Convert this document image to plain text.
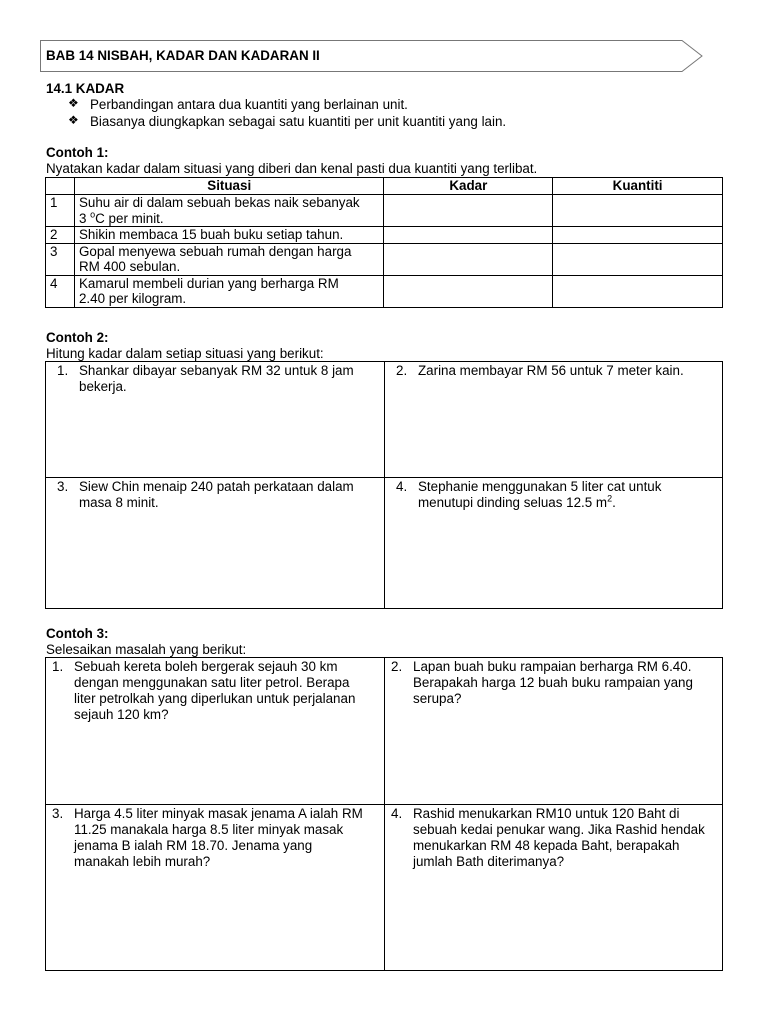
BAB 14 NISBAH, KADAR DAN KADARAN II
14.1 KADAR
❖ Perbandingan antara dua kuantiti yang berlainan unit.
❖ Biasanya diungkapkan sebagai satu kuantiti per unit kuantiti yang lain.
Contoh 1:
Nyatakan kadar dalam situasi yang diberi dan kenal pasti dua kuantiti yang terlibat.
	Situasi	Kadar	Kuantiti
1	Suhu air di dalam sebuah bekas naik sebanyak
3 $^o$C per minit.		
2	Shikin membaca 15 buah buku setiap tahun.		
3	Gopal menyewa sebuah rumah dengan harga
RM 400 sebulan.		
4	Kamarul membeli durian yang berharga RM
2.40 per kilogram.		
Contoh 2:
Hitung kadar dalam setiap situasi yang berikut:
1. Shankar dibayar sebanyak RM 32 untuk 8 jam
bekerja.
2. Zarina membayar RM 56 untuk 7 meter kain.
3. Siew Chin menaip 240 patah perkataan dalam
masa 8 minit.
4. Stephanie menggunakan 5 liter cat untuk
menutupi dinding seluas 12.5 $m^2$.
Contoh 3:
Selesaikan masalah yang berikut:
1. Sebuah kereta boleh bergerak sejauh 30 km
dengan menggunakan satu liter petrol. Berapa
liter petrolkah yang diperlukan untuk perjalanan
sejauh 120 km?
2. Lapan buah buku rampaian berharga RM 6.40.
Berapakah harga 12 buah buku rampaian yang
serupa?
3. Harga 4.5 liter minyak masak jenama A ialah RM
11.25 manakala harga 8.5 liter minyak masak
jenama B ialah RM 18.70. Jenama yang
manakah lebih murah?
4. Rashid menukarkan RM10 untuk 120 Baht di
sebuah kedai penukar wang. Jika Rashid hendak
menukarkan RM 48 kepada Baht, berapakah
jumlah Bath diterimanya?
